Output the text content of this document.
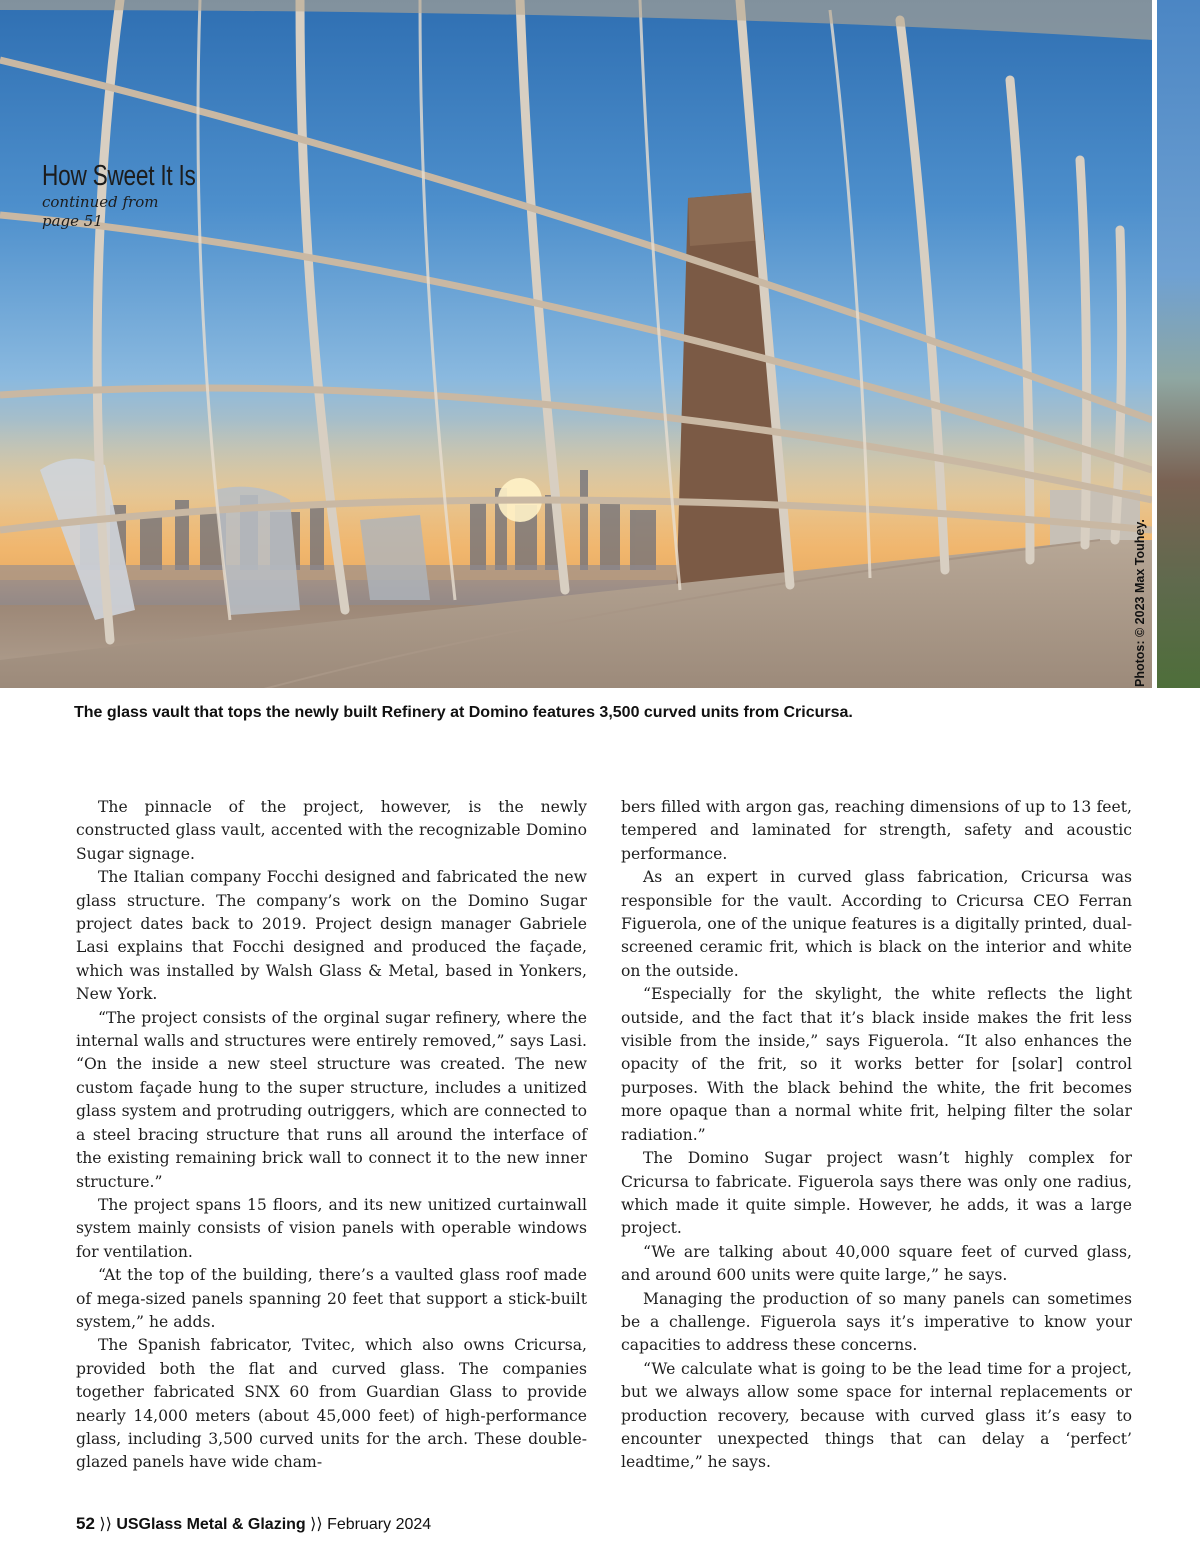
How Sweet It Is
continued from page 51
Photos: © 2023 Max Touhey.
The glass vault that tops the newly built Refinery at Domino features 3,500 curved units from Cricursa.

The pinnacle of the project, however, is the newly constructed glass vault, accented with the recognizable Domino Sugar signage.

The Italian company Focchi designed and fabricated the new glass structure. The company’s work on the Domino Sugar project dates back to 2019. Project design manager Gabriele Lasi explains that Focchi designed and produced the façade, which was installed by Walsh Glass & Metal, based in Yonkers, New York.

“The project consists of the orginal sugar refinery, where the internal walls and structures were entirely removed,” says Lasi. “On the inside a new steel structure was created. The new custom façade hung to the super structure, includes a unitized glass system and protruding outriggers, which are connected to a steel bracing structure that runs all around the interface of the existing remaining brick wall to connect it to the new inner structure.”

The project spans 15 floors, and its new unitized curtainwall system mainly consists of vision panels with operable windows for ventilation.

“At the top of the building, there’s a vaulted glass roof made of mega-sized panels spanning 20 feet that support a stick-built system,” he adds.

The Spanish fabricator, Tvitec, which also owns Cricursa, provided both the flat and curved glass. The companies together fabricated SNX 60 from Guardian Glass to provide nearly 14,000 meters (about 45,000 feet) of high-performance glass, including 3,500 curved units for the arch. These double-glazed panels have wide cham-

bers filled with argon gas, reaching dimensions of up to 13 feet, tempered and laminated for strength, safety and acoustic performance.

As an expert in curved glass fabrication, Cricursa was responsible for the vault. According to Cricursa CEO Ferran Figuerola, one of the unique features is a digitally printed, dual-screened ceramic frit, which is black on the interior and white on the outside.

“Especially for the skylight, the white reflects the light outside, and the fact that it’s black inside makes the frit less visible from the inside,” says Figuerola. “It also enhances the opacity of the frit, so it works better for [solar] control purposes. With the black behind the white, the frit becomes more opaque than a normal white frit, helping filter the solar radiation.”

The Domino Sugar project wasn’t highly complex for Cricursa to fabricate. Figuerola says there was only one radius, which made it quite simple. However, he adds, it was a large project.

“We are talking about 40,000 square feet of curved glass, and around 600 units were quite large,” he says.

Managing the production of so many panels can sometimes be a challenge. Figuerola says it’s imperative to know your capacities to address these concerns.

“We calculate what is going to be the lead time for a project, but we always allow some space for internal replacements or production recovery, because with curved glass it’s easy to encounter unexpected things that can delay a ‘perfect’ leadtime,” he says.

52 ⟩⟩ USGlass Metal & Glazing ⟩⟩ February 2024
